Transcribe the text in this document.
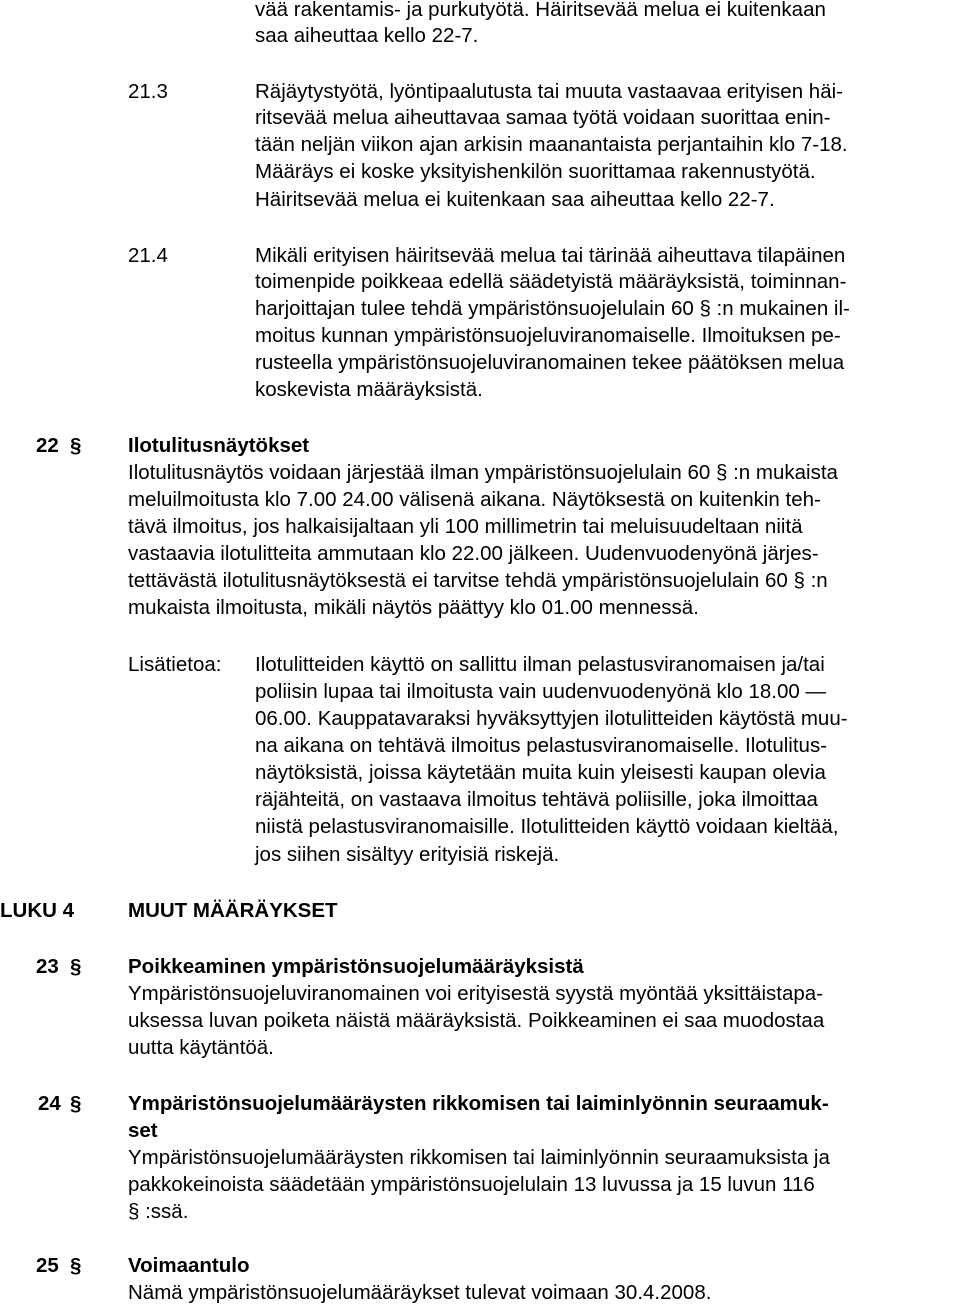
vää rakentamis- ja purkutyötä. Häiritsevää melua ei kuitenkaan
saa aiheuttaa kello 22-7.
21.3	Räjäytystyötä, lyöntipaalutusta tai muuta vastaavaa erityisen häi-
ritsevää melua aiheuttavaa samaa työtä voidaan suorittaa enin-
tään neljän viikon ajan arkisin maanantaista perjantaihin klo 7-18.
Määräys ei koske yksityishenkilön suorittamaa rakennustyötä.
Häiritsevää melua ei kuitenkaan saa aiheuttaa kello 22-7.
21.4	Mikäli erityisen häiritsevää melua tai tärinää aiheuttava tilapäinen
toimenpide poikkeaa edellä säädetyistä määräyksistä, toiminnan-
harjoittajan tulee tehdä ympäristönsuojelulain 60 § :n mukainen il-
moitus kunnan ympäristönsuojeluviranomaiselle. Ilmoituksen pe-
rusteella ympäristönsuojeluviranomainen tekee päätöksen melua
koskevista määräyksistä.
22 § Ilotulitusnäytökset
Ilotulitusnäytös voidaan järjestää ilman ympäristönsuojelulain 60 § :n mukaista
meluilmoitusta klo 7.00 24.00 välisenä aikana. Näytöksestä on kuitenkin teh-
tävä ilmoitus, jos halkaisijaltaan yli 100 millimetrin tai meluisuudeltaan niitä
vastaavia ilotulitteita ammutaan klo 22.00 jälkeen. Uudenvuodenyönä järjes-
tettävästä ilotulitusnäytöksestä ei tarvitse tehdä ympäristönsuojelulain 60 § :n
mukaista ilmoitusta, mikäli näytös päättyy klo 01.00 mennessä.
Lisätietoa: Ilotulitteiden käyttö on sallittu ilman pelastusviranomaisen ja/tai
poliisin lupaa tai ilmoitusta vain uudenvuodenyönä klo 18.00 —
06.00. Kauppatavaraksi hyväksyttyjen ilotulitteiden käytöstä muu-
na aikana on tehtävä ilmoitus pelastusviranomaiselle. Ilotulitus-
näytöksistä, joissa käytetään muita kuin yleisesti kaupan olevia
räjähteitä, on vastaava ilmoitus tehtävä poliisille, joka ilmoittaa
niistä pelastusviranomaisille. Ilotulitteiden käyttö voidaan kieltää,
jos siihen sisältyy erityisiä riskejä.
LUKU 4	MUUT MÄÄRÄYKSET
23 § Poikkeaminen ympäristönsuojelumääräyksistä
Ympäristönsuojeluviranomainen voi erityisestä syystä myöntää yksittäistapa-
uksessa luvan poiketa näistä määräyksistä. Poikkeaminen ei saa muodostaa
uutta käytäntöä.
24 § Ympäristönsuojelumääräysten rikkomisen tai laiminlyönnin seuraamuk-
set
Ympäristönsuojelumääräysten rikkomisen tai laiminlyönnin seuraamuksista ja
pakkokeinoista säädetään ympäristönsuojelulain 13 luvussa ja 15 luvun 116
§ :ssä.
25 § Voimaantulo
Nämä ympäristönsuojelumääräykset tulevat voimaan 30.4.2008.
